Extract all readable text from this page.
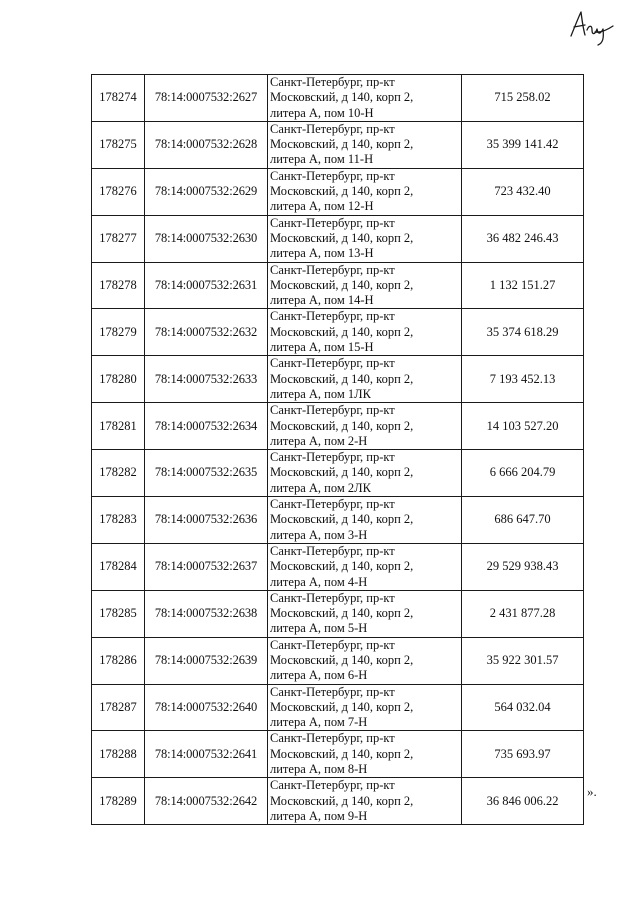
178274	78:14:0007532:2627	Санкт-Петербург, пр-кт
Московский, д 140, корп 2,
литера А, пом 10-Н	715 258.02
178275	78:14:0007532:2628	Санкт-Петербург, пр-кт
Московский, д 140, корп 2,
литера А, пом 11-Н	35 399 141.42
178276	78:14:0007532:2629	Санкт-Петербург, пр-кт
Московский, д 140, корп 2,
литера А, пом 12-Н	723 432.40
178277	78:14:0007532:2630	Санкт-Петербург, пр-кт
Московский, д 140, корп 2,
литера А, пом 13-Н	36 482 246.43
178278	78:14:0007532:2631	Санкт-Петербург, пр-кт
Московский, д 140, корп 2,
литера А, пом 14-Н	1 132 151.27
178279	78:14:0007532:2632	Санкт-Петербург, пр-кт
Московский, д 140, корп 2,
литера А, пом 15-Н	35 374 618.29
178280	78:14:0007532:2633	Санкт-Петербург, пр-кт
Московский, д 140, корп 2,
литера А, пом 1ЛК	7 193 452.13
178281	78:14:0007532:2634	Санкт-Петербург, пр-кт
Московский, д 140, корп 2,
литера А, пом 2-Н	14 103 527.20
178282	78:14:0007532:2635	Санкт-Петербург, пр-кт
Московский, д 140, корп 2,
литера А, пом 2ЛК	6 666 204.79
178283	78:14:0007532:2636	Санкт-Петербург, пр-кт
Московский, д 140, корп 2,
литера А, пом 3-Н	686 647.70
178284	78:14:0007532:2637	Санкт-Петербург, пр-кт
Московский, д 140, корп 2,
литера А, пом 4-Н	29 529 938.43
178285	78:14:0007532:2638	Санкт-Петербург, пр-кт
Московский, д 140, корп 2,
литера А, пом 5-Н	2 431 877.28
178286	78:14:0007532:2639	Санкт-Петербург, пр-кт
Московский, д 140, корп 2,
литера А, пом 6-Н	35 922 301.57
178287	78:14:0007532:2640	Санкт-Петербург, пр-кт
Московский, д 140, корп 2,
литера А, пом 7-Н	564 032.04
178288	78:14:0007532:2641	Санкт-Петербург, пр-кт
Московский, д 140, корп 2,
литера А, пом 8-Н	735 693.97
178289	78:14:0007532:2642	Санкт-Петербург, пр-кт
Московский, д 140, корп 2,
литера А, пом 9-Н	36 846 006.22
».
